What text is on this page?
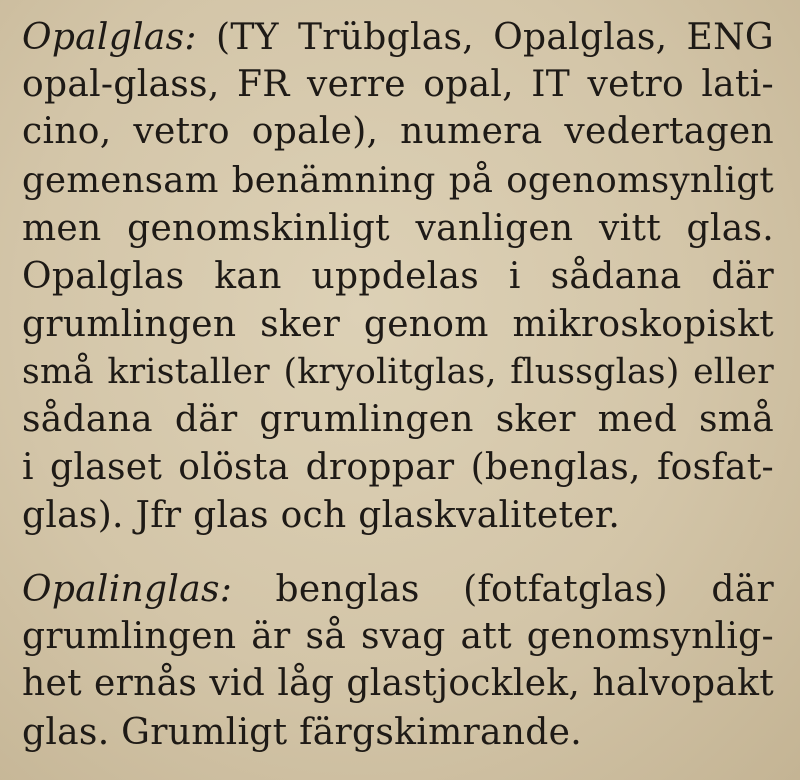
Opalglas: (TY Trübglas, Opalglas, ENG
opal-glass, FR verre opal, IT vetro lati-
cino, vetro opale), numera vedertagen
gemensam benämning på ogenomsynligt
men genomskinligt vanligen vitt glas.
Opalglas kan uppdelas i sådana där
grumlingen sker genom mikroskopiskt
små kristaller (kryolitglas, flussglas) eller
sådana där grumlingen sker med små
i glaset olösta droppar (benglas, fosfat-
glas). Jfr glas och glaskvaliteter.
Opalinglas: benglas (fotfatglas) där
grumlingen är så svag att genomsynlig-
het ernås vid låg glastjocklek, halvopakt
glas. Grumligt färgskimrande.
